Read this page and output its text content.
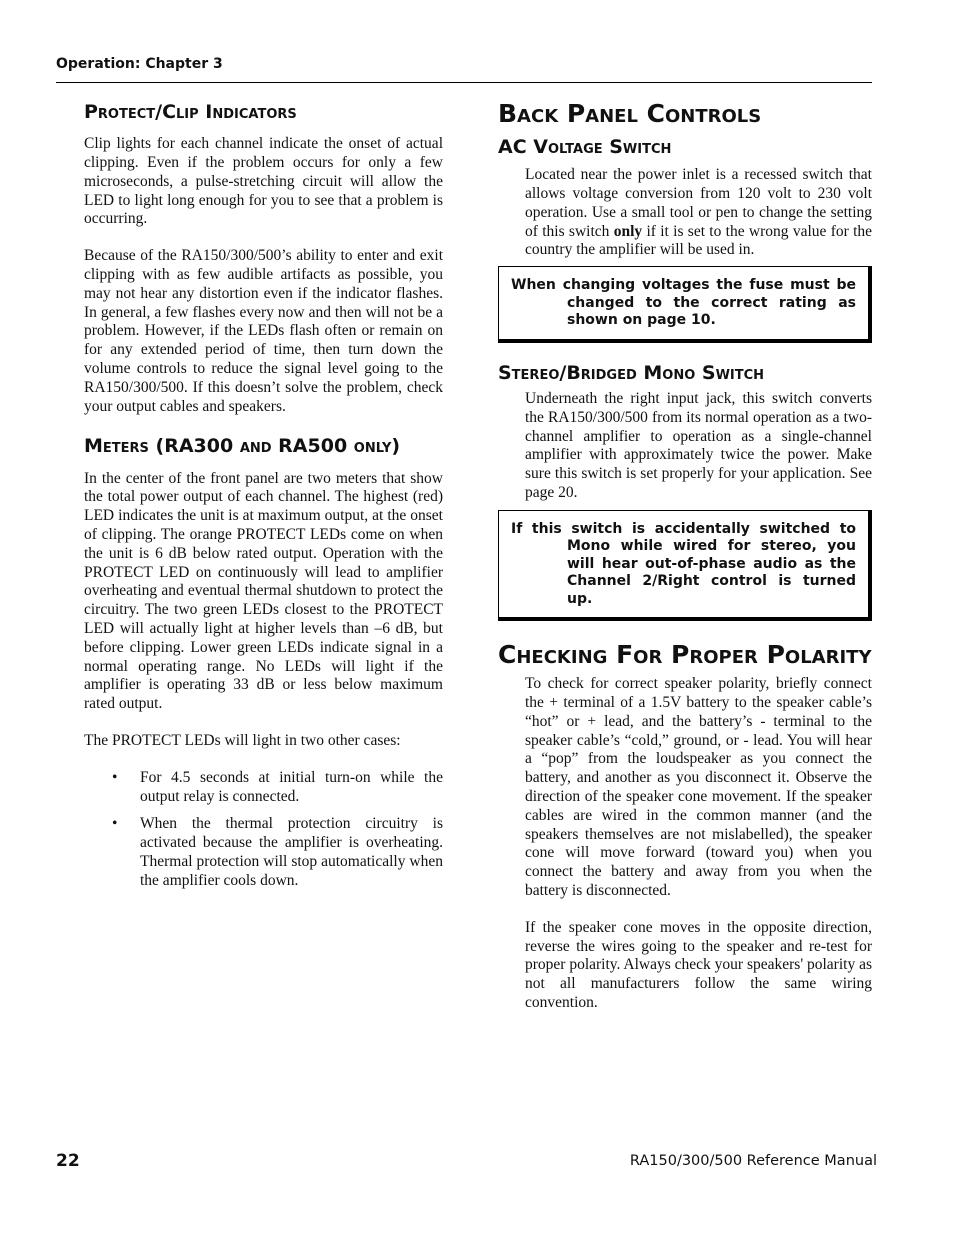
Operation: Chapter 3
Protect/Clip Indicators

Clip lights for each channel indicate the onset of actual clipping. Even if the problem occurs for only a few microseconds, a pulse-stretching circuit will allow the LED to light long enough for you to see that a problem is occurring.

Because of the RA150/300/500’s ability to enter and exit clipping with as few audible artifacts as possible, you may not hear any distortion even if the indicator flashes. In general, a few flashes every now and then will not be a problem. However, if the LEDs flash often or remain on for any extended period of time, then turn down the volume controls to reduce the signal level going to the RA150/300/500. If this doesn’t solve the problem, check your output cables and speakers.

Meters (RA300 and RA500 only)

In the center of the front panel are two meters that show the total power output of each channel. The highest (red) LED indicates the unit is at maximum output, at the onset of clipping. The orange PROTECT LEDs come on when the unit is 6 dB below rated output. Operation with the PROTECT LED on continuously will lead to amplifier overheating and eventual thermal shutdown to protect the circuitry. The two green LEDs closest to the PROTECT LED will actually light at higher levels than –6 dB, but before clipping. Lower green LEDs indicate signal in a normal operating range. No LEDs will light if the amplifier is operating 33 dB or less below maximum rated output.

The PROTECT LEDs will light in two other cases:

• For 4.5 seconds at initial turn-on while the output relay is connected.
• When the thermal protection circuitry is activated because the amplifier is overheating. Thermal protection will stop automatically when the amplifier cools down.
Back Panel Controls
AC Voltage Switch

Located near the power inlet is a recessed switch that allows voltage conversion from 120 volt to 230 volt operation. Use a small tool or pen to change the setting of this switch only if it is set to the wrong value for the country the amplifier will be used in.

When changing voltages the fuse must be changed to the correct rating as shown on page 10.
Stereo/Bridged Mono Switch

Underneath the right input jack, this switch converts the RA150/300/500 from its normal operation as a two-channel amplifier to operation as a single-channel amplifier with approximately twice the power. Make sure this switch is set properly for your application. See page 20.

If this switch is accidentally switched to Mono while wired for stereo, you will hear out-of-phase audio as the Channel 2/Right control is turned up.
Checking For Proper Polarity

To check for correct speaker polarity, briefly connect the + terminal of a 1.5V battery to the speaker cable’s “hot” or + lead, and the battery’s - terminal to the speaker cable’s “cold,” ground, or - lead. You will hear a “pop” from the loudspeaker as you connect the battery, and another as you disconnect it. Observe the direction of the speaker cone movement. If the speaker cables are wired in the common manner (and the speakers themselves are not mislabelled), the speaker cone will move forward (toward you) when you connect the battery and away from you when the battery is disconnected.

If the speaker cone moves in the opposite direction, reverse the wires going to the speaker and re-test for proper polarity. Always check your speakers' polarity as not all manufacturers follow the same wiring convention.

22	RA150/300/500 Reference Manual
